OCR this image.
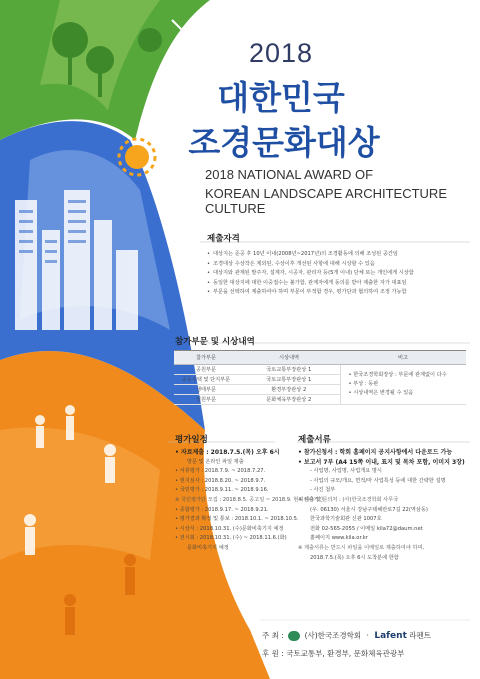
2018
대한민국
조경문화대상
2018 NATIONAL AWARD OF
KOREAN LANDSCAPE ARCHITECTURE CULTURE
제출자격
• 대상지는 준공 후 10년 이내(2008년~2017년)의 조경활동에 의해 조성된 공간임
• 조경대상 수상작은 제외된, 수상이후 개선된 사항에 대해 시상할 수 있음
• 대상지와 관계된 발주자, 설계자, 시공자, 관리자 등(5개 이내) 단체 또는 개인에게 시상함
• 동일한 대상지에 대한 이중접수는 불가함, 관계자에게 동의를 받아 제출한 자가 대표임
• 부문을 선택하여 제출하여야 하며 부문이 부적합 경우, 평가단과 협의하여 조정 가능함
참가부문 및 시상내역
참가부문	시상내역	비고
공원부문	국토교통부장관상 1	• 한국조경학회장상 : 부문에 관계없이 다수
• 부상 : 동판
• 시상내역은 변경될 수 있음

공동주택 및 단지부문	국토교통부장관상 1	
생태부문	환경부장관상 2	
정원부문	문화체육부장관상 2	
평가일정
• 자료제출 : 2018.7.5.(목) 오후 6시
방문 및 온라인 파일 제출
• 서류평가 : 2018.7.9. ~ 2018.7.27.
• 현지심사 : 2018.8.20. ~ 2018.9.7.
• 국민평가 : 2018.9.11. ~ 2018.9.16.
※ 국민평가단 모집 : 2018.8.5. 공고일 ~ 2018.9. 현지심사기간
• 종합평가 : 2018.9.17. ~ 2018.9.21.
• 평가결과 확정 및 통보 : 2018.10.1. ~ 2018.10.5.
• 시상식 : 2018.10.31. (수)문화비축기지 예정
• 전시회 : 2018.10.31. (수) ~ 2018.11.6.(화)
문화비축기지 예정
제출서류
• 참가신청서 : 학회 홈페이지 공지사항에서 다운로드 가능
• 보고서 7부 (A4 15쪽 이내, 표지 및 목차 포함, 이미지 3장)
- 사업명, 사업명, 사업개요 명시
- 사업의 규모/개요, 면적/마 사업특성 등에 대한 간략한 설명
- 사진 첨부
※ 제출 및 문의처 : (사)한국조경학회 사무국
(우. 06130) 서울시 강남구테헤란로7길 22(역삼동)
한국과학기술회관 신관 1007호
전화 02-565-2055 / 이메일 kila72@daum.net
홈페이지 www.kila.or.kr
※ 제출서류는 반드시 파일을 이메일로 제출하여야 하며,
2018.7.5.(목) 오후 6시 도착분에 한함
주 최 :	(사)한국조경학회 · Lafent 라펜트
후 원 : 국토교통부, 환경부, 문화체육관광부
